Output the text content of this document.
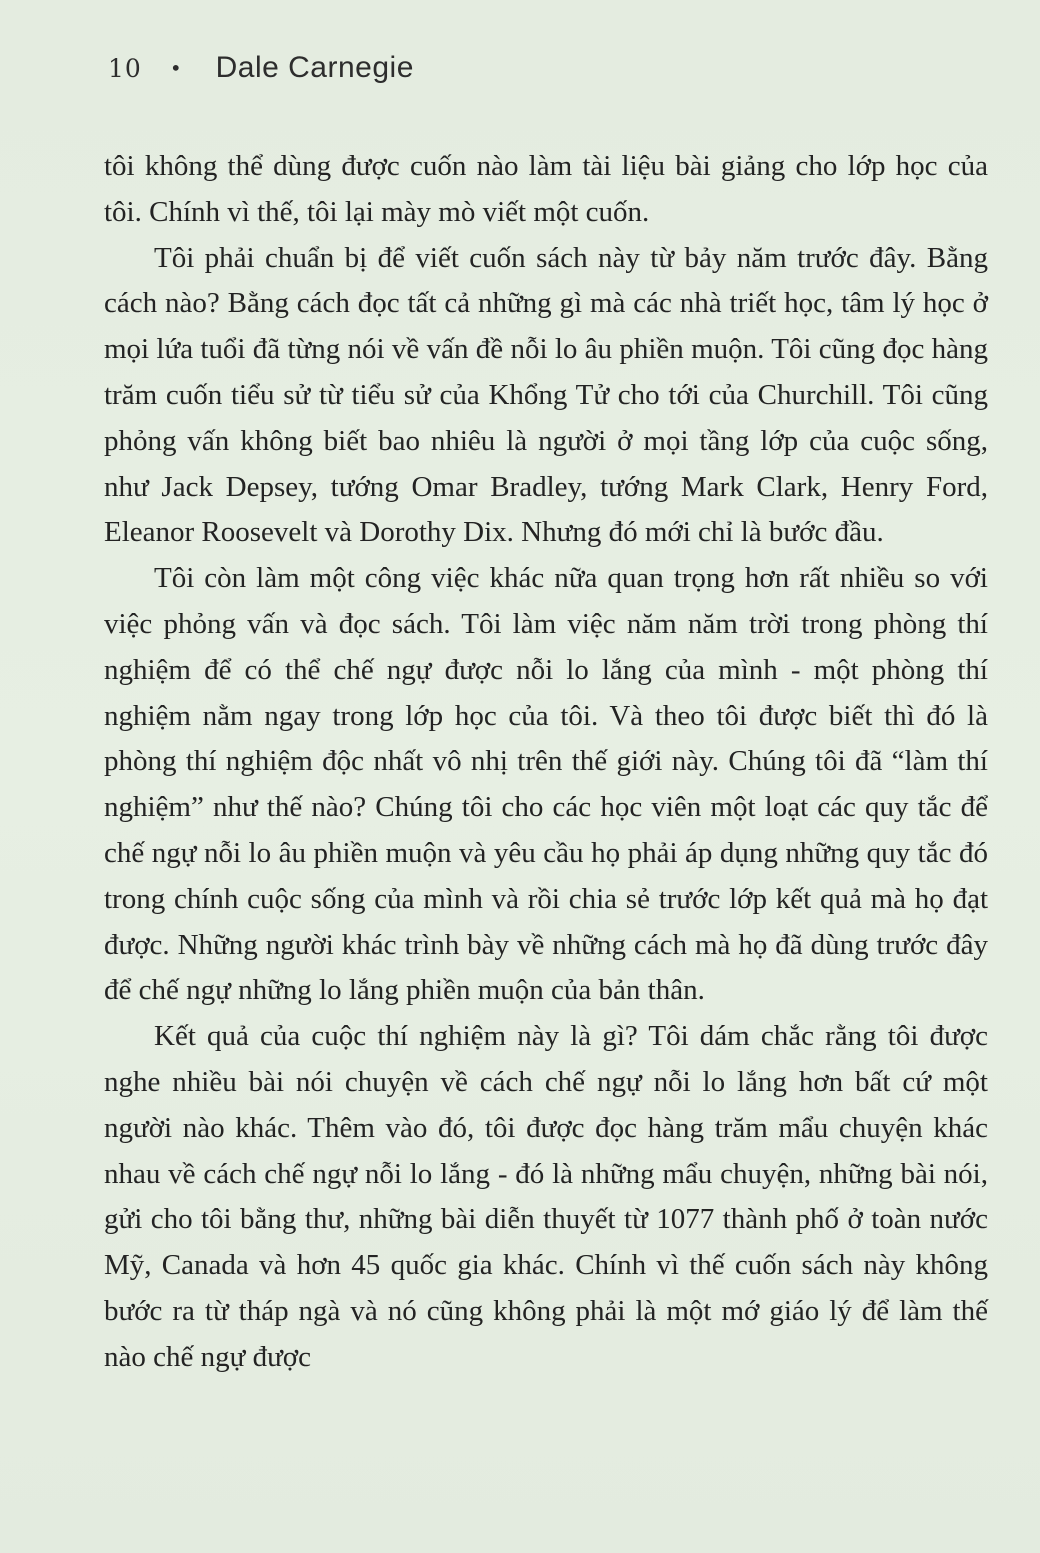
10 • Dale Carnegie

tôi không thể dùng được cuốn nào làm tài liệu bài giảng cho lớp học của tôi. Chính vì thế, tôi lại mày mò viết một cuốn.

Tôi phải chuẩn bị để viết cuốn sách này từ bảy năm trước đây. Bằng cách nào? Bằng cách đọc tất cả những gì mà các nhà triết học, tâm lý học ở mọi lứa tuổi đã từng nói về vấn đề nỗi lo âu phiền muộn. Tôi cũng đọc hàng trăm cuốn tiểu sử từ tiểu sử của Khổng Tử cho tới của Churchill. Tôi cũng phỏng vấn không biết bao nhiêu là người ở mọi tầng lớp của cuộc sống, như Jack Depsey, tướng Omar Bradley, tướng Mark Clark, Henry Ford, Eleanor Roosevelt và Dorothy Dix. Nhưng đó mới chỉ là bước đầu.

Tôi còn làm một công việc khác nữa quan trọng hơn rất nhiều so với việc phỏng vấn và đọc sách. Tôi làm việc năm năm trời trong phòng thí nghiệm để có thể chế ngự được nỗi lo lắng của mình - một phòng thí nghiệm nằm ngay trong lớp học của tôi. Và theo tôi được biết thì đó là phòng thí nghiệm độc nhất vô nhị trên thế giới này. Chúng tôi đã “làm thí nghiệm” như thế nào? Chúng tôi cho các học viên một loạt các quy tắc để chế ngự nỗi lo âu phiền muộn và yêu cầu họ phải áp dụng những quy tắc đó trong chính cuộc sống của mình và rồi chia sẻ trước lớp kết quả mà họ đạt được. Những người khác trình bày về những cách mà họ đã dùng trước đây để chế ngự những lo lắng phiền muộn của bản thân.

Kết quả của cuộc thí nghiệm này là gì? Tôi dám chắc rằng tôi được nghe nhiều bài nói chuyện về cách chế ngự nỗi lo lắng hơn bất cứ một người nào khác. Thêm vào đó, tôi được đọc hàng trăm mẩu chuyện khác nhau về cách chế ngự nỗi lo lắng - đó là những mẩu chuyện, những bài nói, gửi cho tôi bằng thư, những bài diễn thuyết từ 1077 thành phố ở toàn nước Mỹ, Canada và hơn 45 quốc gia khác. Chính vì thế cuốn sách này không bước ra từ tháp ngà và nó cũng không phải là một mớ giáo lý để làm thế nào chế ngự được
